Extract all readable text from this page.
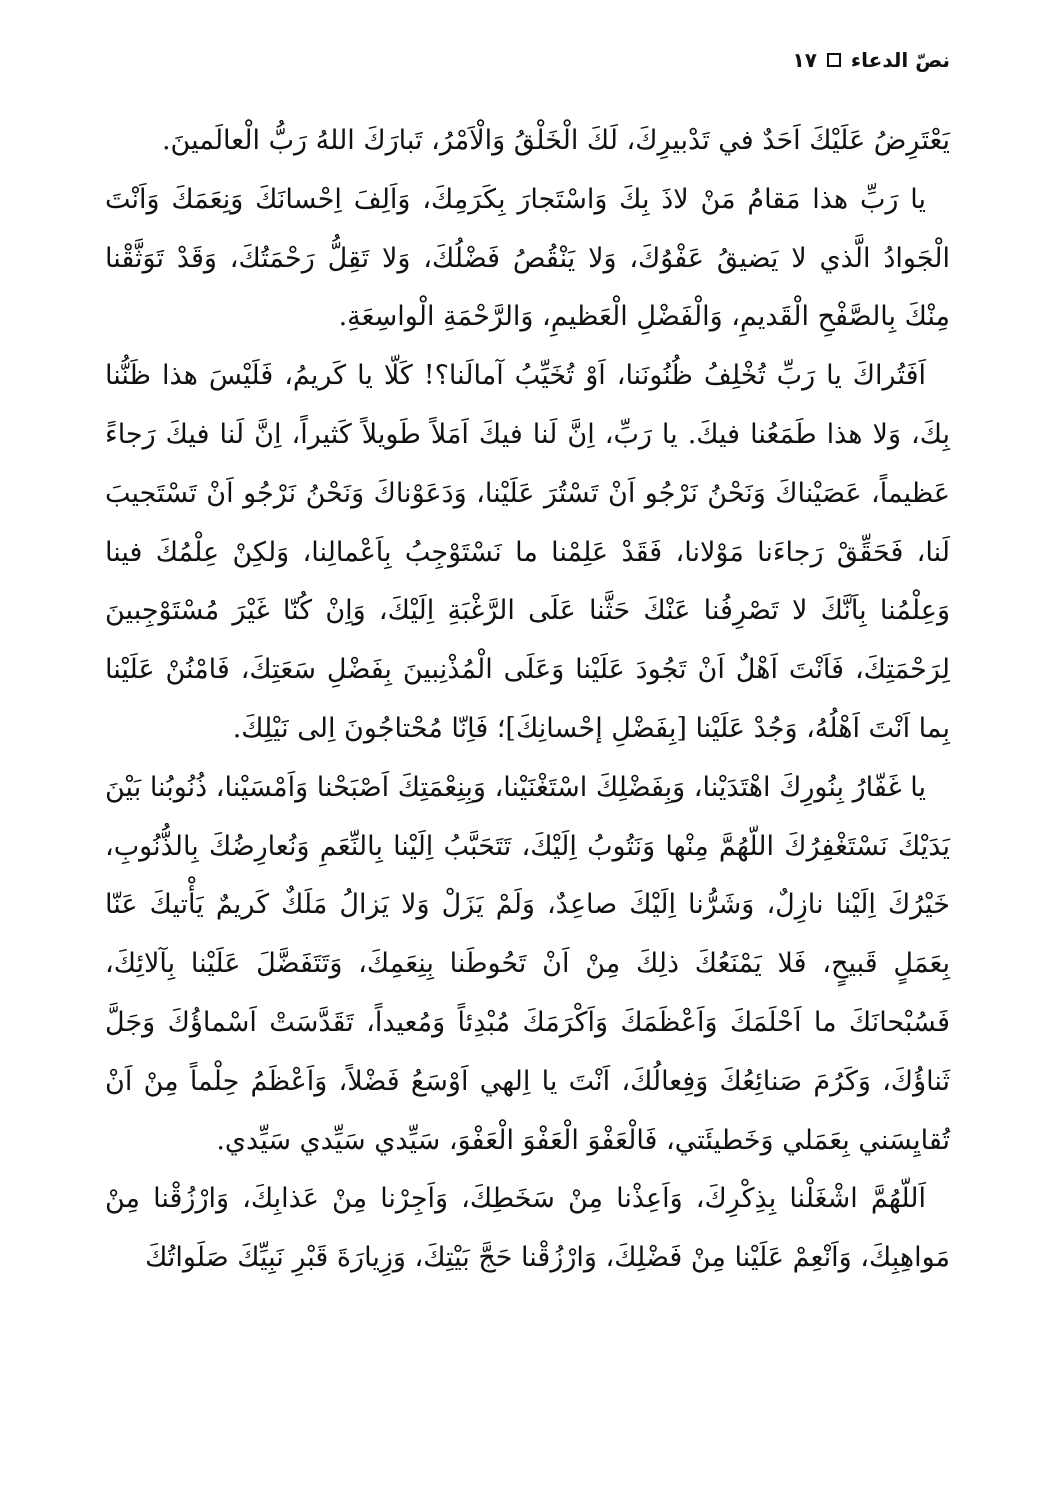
نصّ الدعاء
١٧

يَعْتَرِضُ عَلَيْكَ اَحَدٌ في تَدْبيرِكَ، لَكَ الْخَلْقُ وَالْاَمْرُ، تَبارَكَ اللهُ رَبُّ الْعالَمينَ.

يا رَبِّ هذا مَقامُ مَنْ لاذَ بِكَ وَاسْتَجارَ بِكَرَمِكَ، وَاَلِفَ اِحْسانَكَ وَنِعَمَكَ وَاَنْتَ الْجَوادُ الَّذي لا يَضيقُ عَفْوُكَ، وَلا يَنْقُصُ فَضْلُكَ، وَلا تَقِلُّ رَحْمَتُكَ، وَقَدْ تَوَثَّقْنا مِنْكَ بِالصَّفْحِ الْقَديمِ، وَالْفَضْلِ الْعَظيمِ، وَالرَّحْمَةِ الْواسِعَةِ.

اَفَتُراكَ يا رَبِّ تُخْلِفُ ظُنُونَنا، اَوْ تُخَيِّبُ آمالَنا؟! كَلّا يا كَريمُ، فَلَيْسَ هذا ظَنُّنا بِكَ، وَلا هذا طَمَعُنا فيكَ. يا رَبِّ، اِنَّ لَنا فيكَ اَمَلاً طَويلاً كَثيراً، اِنَّ لَنا فيكَ رَجاءً عَظيماً، عَصَيْناكَ وَنَحْنُ نَرْجُو اَنْ تَسْتُرَ عَلَيْنا، وَدَعَوْناكَ وَنَحْنُ نَرْجُو اَنْ تَسْتَجيبَ لَنا، فَحَقِّقْ رَجاءَنا مَوْلانا، فَقَدْ عَلِمْنا ما نَسْتَوْجِبُ بِاَعْمالِنا، وَلكِنْ عِلْمُكَ فينا وَعِلْمُنا بِاَنَّكَ لا تَصْرِفُنا عَنْكَ حَثَّنا عَلَى الرَّغْبَةِ اِلَيْكَ، وَاِنْ كُنّا غَيْرَ مُسْتَوْجِبينَ لِرَحْمَتِكَ، فَاَنْتَ اَهْلٌ اَنْ تَجُودَ عَلَيْنا وَعَلَى الْمُذْنِبينَ بِفَضْلِ سَعَتِكَ، فَامْنُنْ عَلَيْنا بِما اَنْتَ اَهْلُهُ، وَجُدْ عَلَيْنا [بِفَضْلِ إحْسانِكَ]؛ فَاِنّا مُحْتاجُونَ اِلى نَيْلِكَ.

يا غَفّارُ بِنُورِكَ اهْتَدَيْنا، وَبِفَضْلِكَ اسْتَغْنَيْنا، وَبِنِعْمَتِكَ اَصْبَحْنا وَاَمْسَيْنا، ذُنُوبُنا بَيْنَ يَدَيْكَ نَسْتَغْفِرُكَ اللّهُمَّ مِنْها وَنَتُوبُ اِلَيْكَ، تَتَحَبَّبُ اِلَيْنا بِالنِّعَمِ وَنُعارِضُكَ بِالذُّنُوبِ، خَيْرُكَ اِلَيْنا نازِلٌ، وَشَرُّنا اِلَيْكَ صاعِدٌ، وَلَمْ يَزَلْ وَلا يَزالُ مَلَكٌ كَريمٌ يَأْتيكَ عَنّا بِعَمَلٍ قَبيحٍ، فَلا يَمْنَعُكَ ذلِكَ مِنْ اَنْ تَحُوطَنا بِنِعَمِكَ، وَتَتَفَضَّلَ عَلَيْنا بِآلائِكَ، فَسُبْحانَكَ ما اَحْلَمَكَ وَاَعْظَمَكَ وَاَكْرَمَكَ مُبْدِئاً وَمُعيداً، تَقَدَّسَتْ اَسْماؤُكَ وَجَلَّ ثَناؤُكَ، وَكَرُمَ صَنائِعُكَ وَفِعالُكَ، اَنْتَ يا اِلهي اَوْسَعُ فَضْلاً، وَاَعْظَمُ حِلْماً مِنْ اَنْ تُقايِسَني بِعَمَلي وَخَطيئَتي، فَالْعَفْوَ الْعَفْوَ الْعَفْوَ، سَيِّدي سَيِّدي سَيِّدي.

اَللّهُمَّ اشْغَلْنا بِذِكْرِكَ، وَاَعِذْنا مِنْ سَخَطِكَ، وَاَجِرْنا مِنْ عَذابِكَ، وَارْزُقْنا مِنْ مَواهِبِكَ، وَاَنْعِمْ عَلَيْنا مِنْ فَضْلِكَ، وَارْزُقْنا حَجَّ بَيْتِكَ، وَزِيارَةَ قَبْرِ نَبِيِّكَ صَلَواتُكَ
